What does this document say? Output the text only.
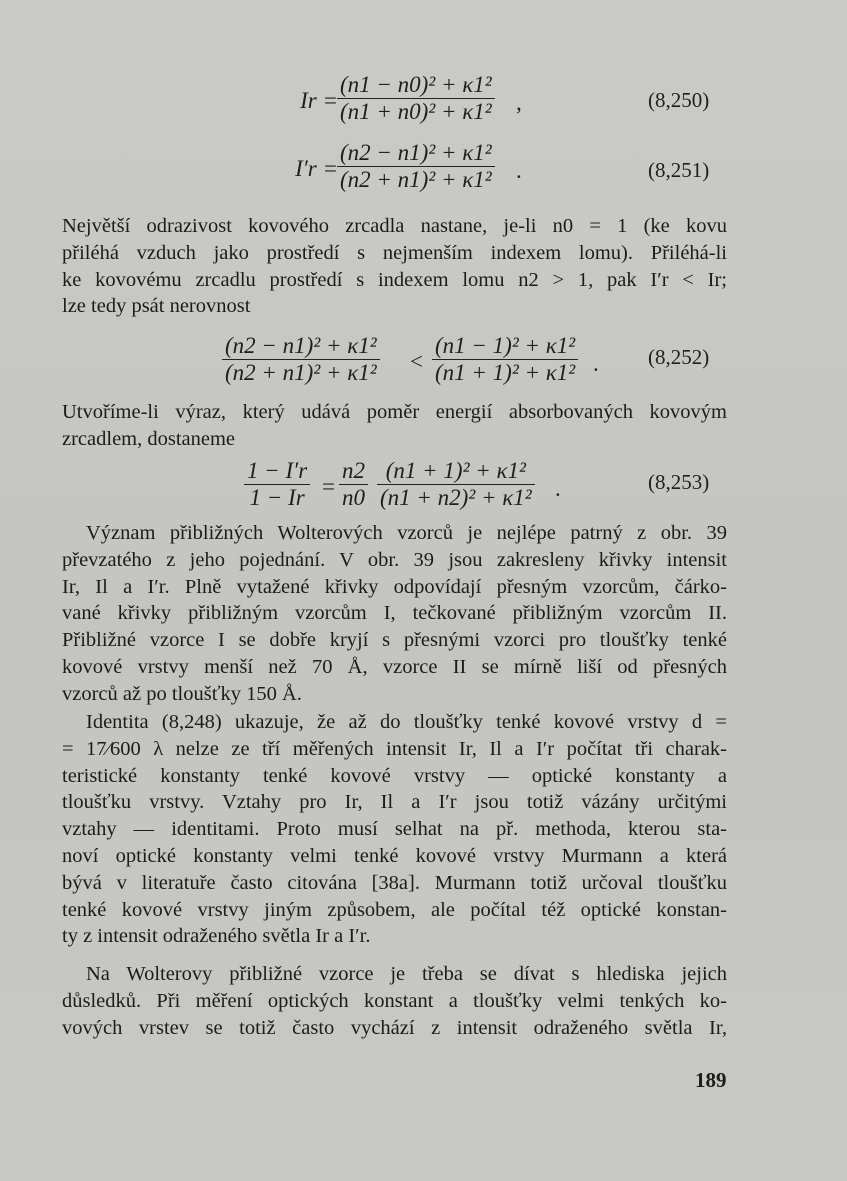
$Ir = \frac{\text{(n1 − n0)² + κ1²}}{\text{(n1 + n0)² + κ1²}}$ ,	(8,250)
$I'r = \frac{\text{(n2 − n1)² + κ1²}}{\text{(n2 + n1)² + κ1²}}$ .	(8,251)
Největší odrazivost kovového zrcadla nastane, je-li n0 = 1 (ke kovu
přiléhá vzduch jako prostředí s nejmenším indexem lomu). Přiléhá-li
ke kovovému zrcadlu prostředí s indexem lomu n2 > 1, pak I′r < Ir;
lze tedy psát nerovnost
$\frac{\text{(n2 − n1)² + κ1²}}{\text{(n2 + n1)² + κ1²}} < \frac{\text{(n1 − 1)² + κ1²}}{\text{(n1 + 1)² + κ1²}}$ . (8,252)
Utvoříme-li výraz, který udává poměr energií absorbovaných kovovým
zrcadlem, dostaneme
$\frac{1 - I'r}{1 - Ir} = \frac{n2}{n0} \frac{\text{(n1 + 1)² + κ1²}}{\text{(n1 + n2)² + κ1²}}$ .	(8,253)
Význam přibližných Wolterových vzorců je nejlépe patrný z obr. 39
převzatého z jeho pojednání. V obr. 39 jsou zakresleny křivky intensit
Ir, Il a I′r. Plně vytažené křivky odpovídají přesným vzorcům, čárko-
vané křivky přibližným vzorcům I, tečkované přibližným vzorcům II.
Přibližné vzorce I se dobře kryjí s přesnými vzorci pro tloušťky tenké
kovové vrstvy menší než 70 Å, vzorce II se mírně liší od přesných
vzorců až po tloušťky 150 Å.
Identita (8,248) ukazuje, že až do tloušťky tenké kovové vrstvy d =
= 17⁄600 λ nelze ze tří měřených intensit Ir, Il a I′r počítat tři charak-
teristické konstanty tenké kovové vrstvy — optické konstanty a
tloušťku vrstvy. Vztahy pro Ir, Il a I′r jsou totiž vázány určitými
vztahy — identitami. Proto musí selhat na př. methoda, kterou sta-
noví optické konstanty velmi tenké kovové vrstvy Murmann a která
bývá v literatuře často citována [38a]. Murmann totiž určoval tloušťku
tenké kovové vrstvy jiným způsobem, ale počítal též optické konstan-
ty z intensit odraženého světla Ir a I′r.
Na Wolterovy přibližné vzorce je třeba se dívat s hlediska jejich
důsledků. Při měření optických konstant a tloušťky velmi tenkých ko-
vových vrstev se totiž často vychází z intensit odraženého světla Ir,
189
